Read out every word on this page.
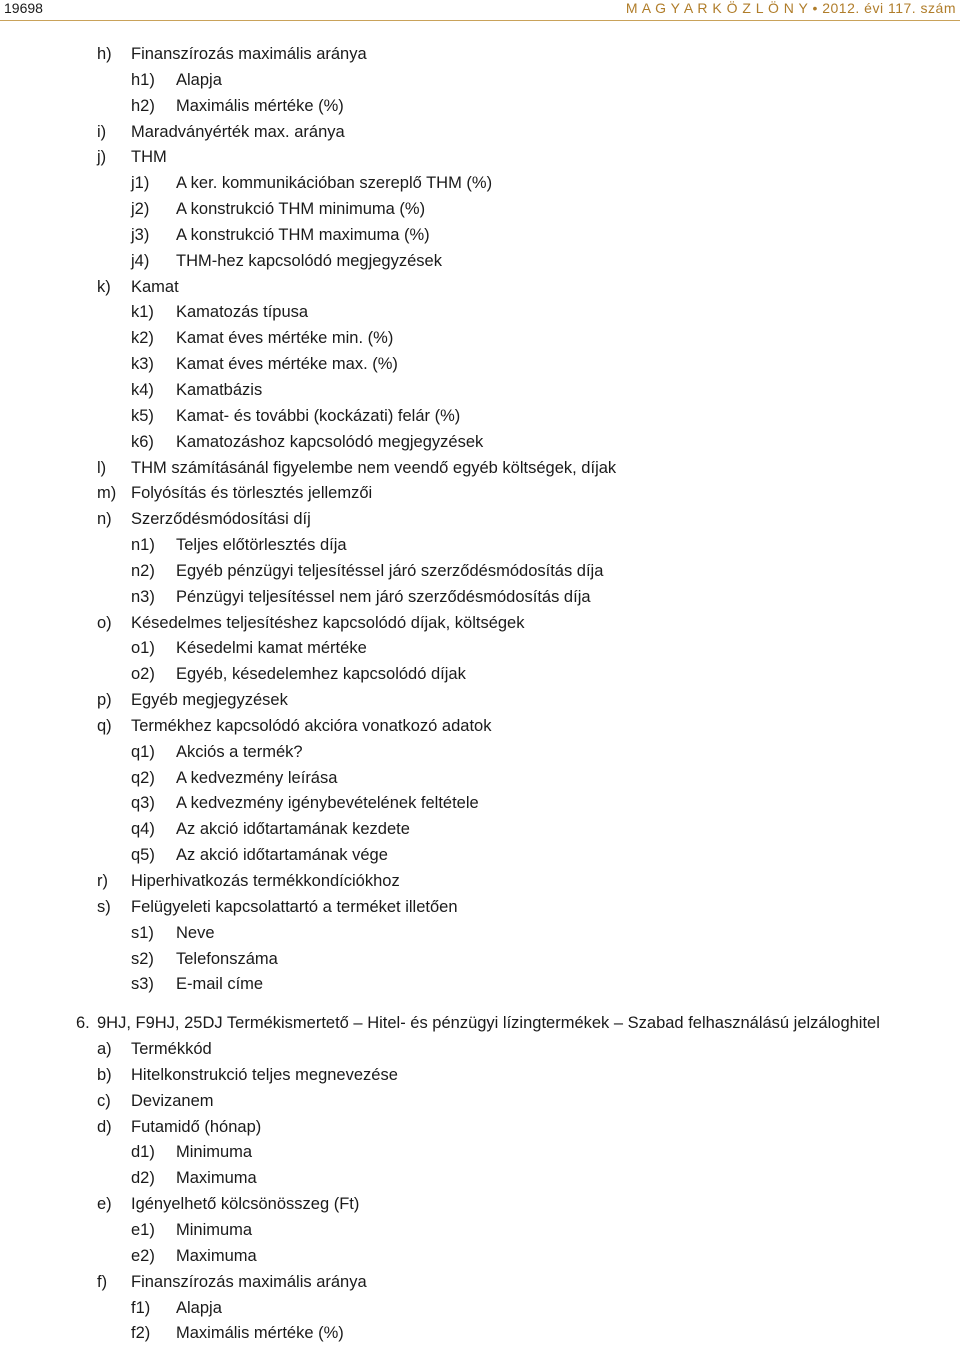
19698	M A G Y A R K Ö Z L Ö N Y • 2012. évi 117. szám
h) Finanszírozás maximális aránya
h1) Alapja
h2) Maximális mértéke (%)
i) Maradványérték max. aránya
j) THM
j1) A ker. kommunikációban szereplő THM (%)
j2) A konstrukció THM minimuma (%)
j3) A konstrukció THM maximuma (%)
j4) THM-hez kapcsolódó megjegyzések
k) Kamat
k1) Kamatozás típusa
k2) Kamat éves mértéke min. (%)
k3) Kamat éves mértéke max. (%)
k4) Kamatbázis
k5) Kamat- és további (kockázati) felár (%)
k6) Kamatozáshoz kapcsolódó megjegyzések
l) THM számításánál figyelembe nem veendő egyéb költségek, díjak
m) Folyósítás és törlesztés jellemzői
n) Szerződésmódosítási díj
n1) Teljes előtörlesztés díja
n2) Egyéb pénzügyi teljesítéssel járó szerződésmódosítás díja
n3) Pénzügyi teljesítéssel nem járó szerződésmódosítás díja
o) Késedelmes teljesítéshez kapcsolódó díjak, költségek
o1) Késedelmi kamat mértéke
o2) Egyéb, késedelemhez kapcsolódó díjak
p) Egyéb megjegyzések
q) Termékhez kapcsolódó akcióra vonatkozó adatok
q1) Akciós a termék?
q2) A kedvezmény leírása
q3) A kedvezmény igénybevételének feltétele
q4) Az akció időtartamának kezdete
q5) Az akció időtartamának vége
r) Hiperhivatkozás termékkondíciókhoz
s) Felügyeleti kapcsolattartó a terméket illetően
s1) Neve
s2) Telefonszáma
s3) E-mail címe
6. 9HJ, F9HJ, 25DJ Termékismertető – Hitel- és pénzügyi lízingtermékek – Szabad felhasználású jelzáloghitel
a) Termékkód
b) Hitelkonstrukció teljes megnevezése
c) Devizanem
d) Futamidő (hónap)
d1) Minimuma
d2) Maximuma
e) Igényelhető kölcsönösszeg (Ft)
e1) Minimuma
e2) Maximuma
f) Finanszírozás maximális aránya
f1) Alapja
f2) Maximális mértéke (%)
